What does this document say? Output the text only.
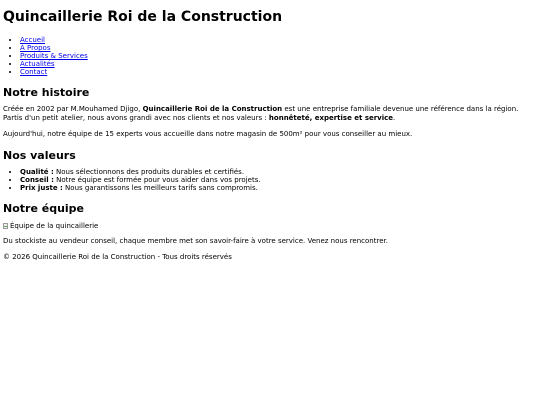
Quincaillerie Roi de la Construction
• Accueil
• À Propos
• Produits & Services
• Actualités
• Contact
Notre histoire

Créée en 2002 par M.Mouhamed Djigo, Quincaillerie Roi de la Construction est une entreprise familiale devenue une référence dans la région. Partis d'un petit atelier, nous avons grandi avec nos clients et nos valeurs : honnêteté, expertise et service.

Aujourd'hui, notre équipe de 15 experts vous accueille dans notre magasin de 500m² pour vous conseiller au mieux.

Nos valeurs
• Qualité : Nous sélectionnons des produits durables et certifiés.
• Conseil : Notre équipe est formée pour vous aider dans vos projets.
• Prix juste : Nous garantissons les meilleurs tarifs sans compromis.
Notre équipe
Équipe de la quincaillerie

Du stockiste au vendeur conseil, chaque membre met son savoir-faire à votre service. Venez nous rencontrer.

© 2026 Quincaillerie Roi de la Construction - Tous droits réservés
